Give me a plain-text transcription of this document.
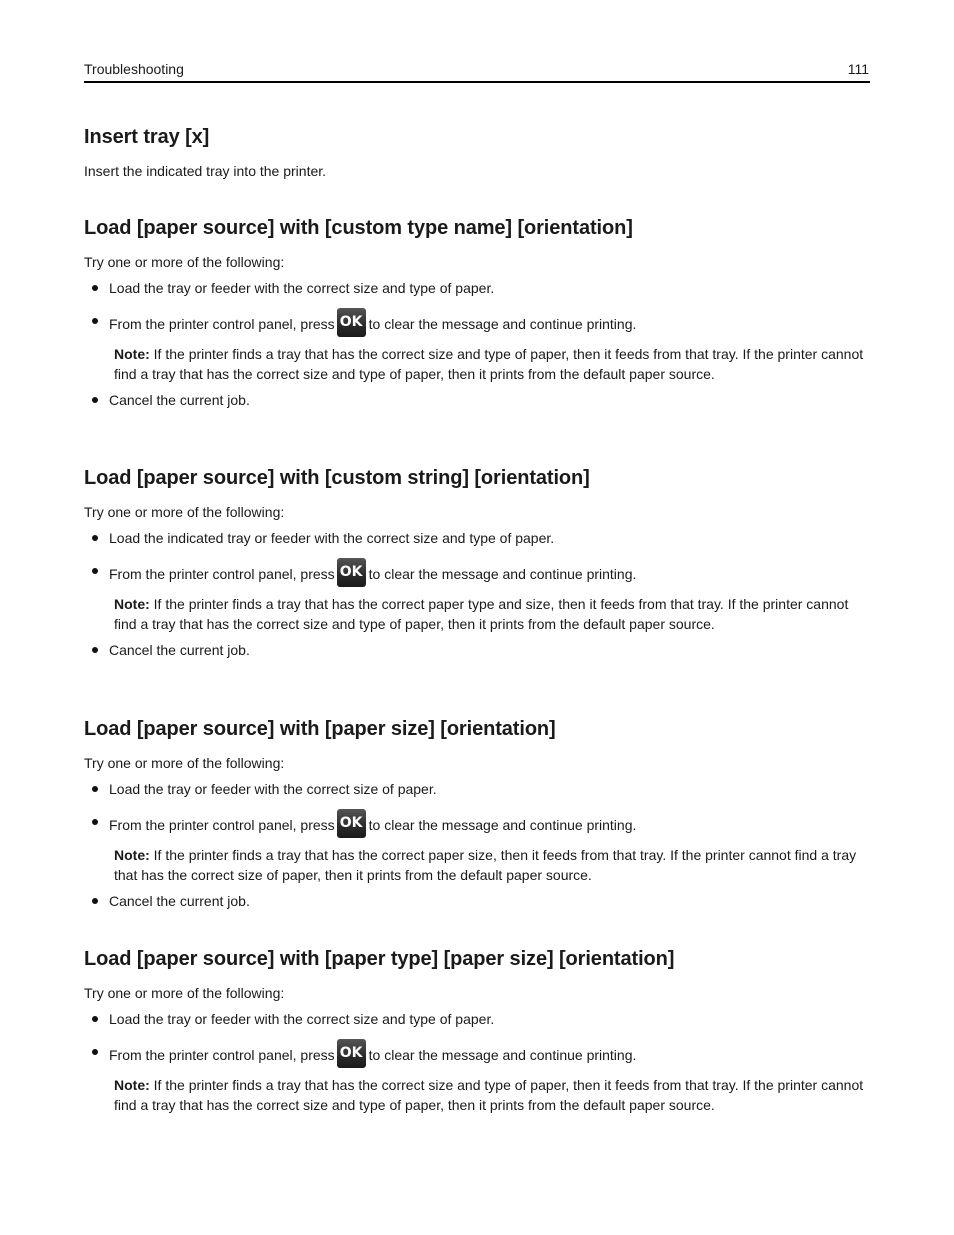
Troubleshooting	111
Insert tray [x]

Insert the indicated tray into the printer.

Load [paper source] with [custom type name] [orientation]

Try one or more of the following:

Load the tray or feeder with the correct size and type of paper.

From the printer control panel, press OK to clear the message and continue printing.

Note: If the printer finds a tray that has the correct size and type of paper, then it feeds from that tray. If the printer cannot find a tray that has the correct size and type of paper, then it prints from the default paper source.

Cancel the current job.

Load [paper source] with [custom string] [orientation]

Try one or more of the following:

Load the indicated tray or feeder with the correct size and type of paper.

From the printer control panel, press OK to clear the message and continue printing.

Note: If the printer finds a tray that has the correct paper type and size, then it feeds from that tray. If the printer cannot find a tray that has the correct size and type of paper, then it prints from the default paper source.

Cancel the current job.

Load [paper source] with [paper size] [orientation]

Try one or more of the following:

Load the tray or feeder with the correct size of paper.

From the printer control panel, press OK to clear the message and continue printing.

Note: If the printer finds a tray that has the correct paper size, then it feeds from that tray. If the printer cannot find a tray that has the correct size of paper, then it prints from the default paper source.

Cancel the current job.

Load [paper source] with [paper type] [paper size] [orientation]

Try one or more of the following:

Load the tray or feeder with the correct size and type of paper.

From the printer control panel, press OK to clear the message and continue printing.

Note: If the printer finds a tray that has the correct size and type of paper, then it feeds from that tray. If the printer cannot find a tray that has the correct size and type of paper, then it prints from the default paper source.
